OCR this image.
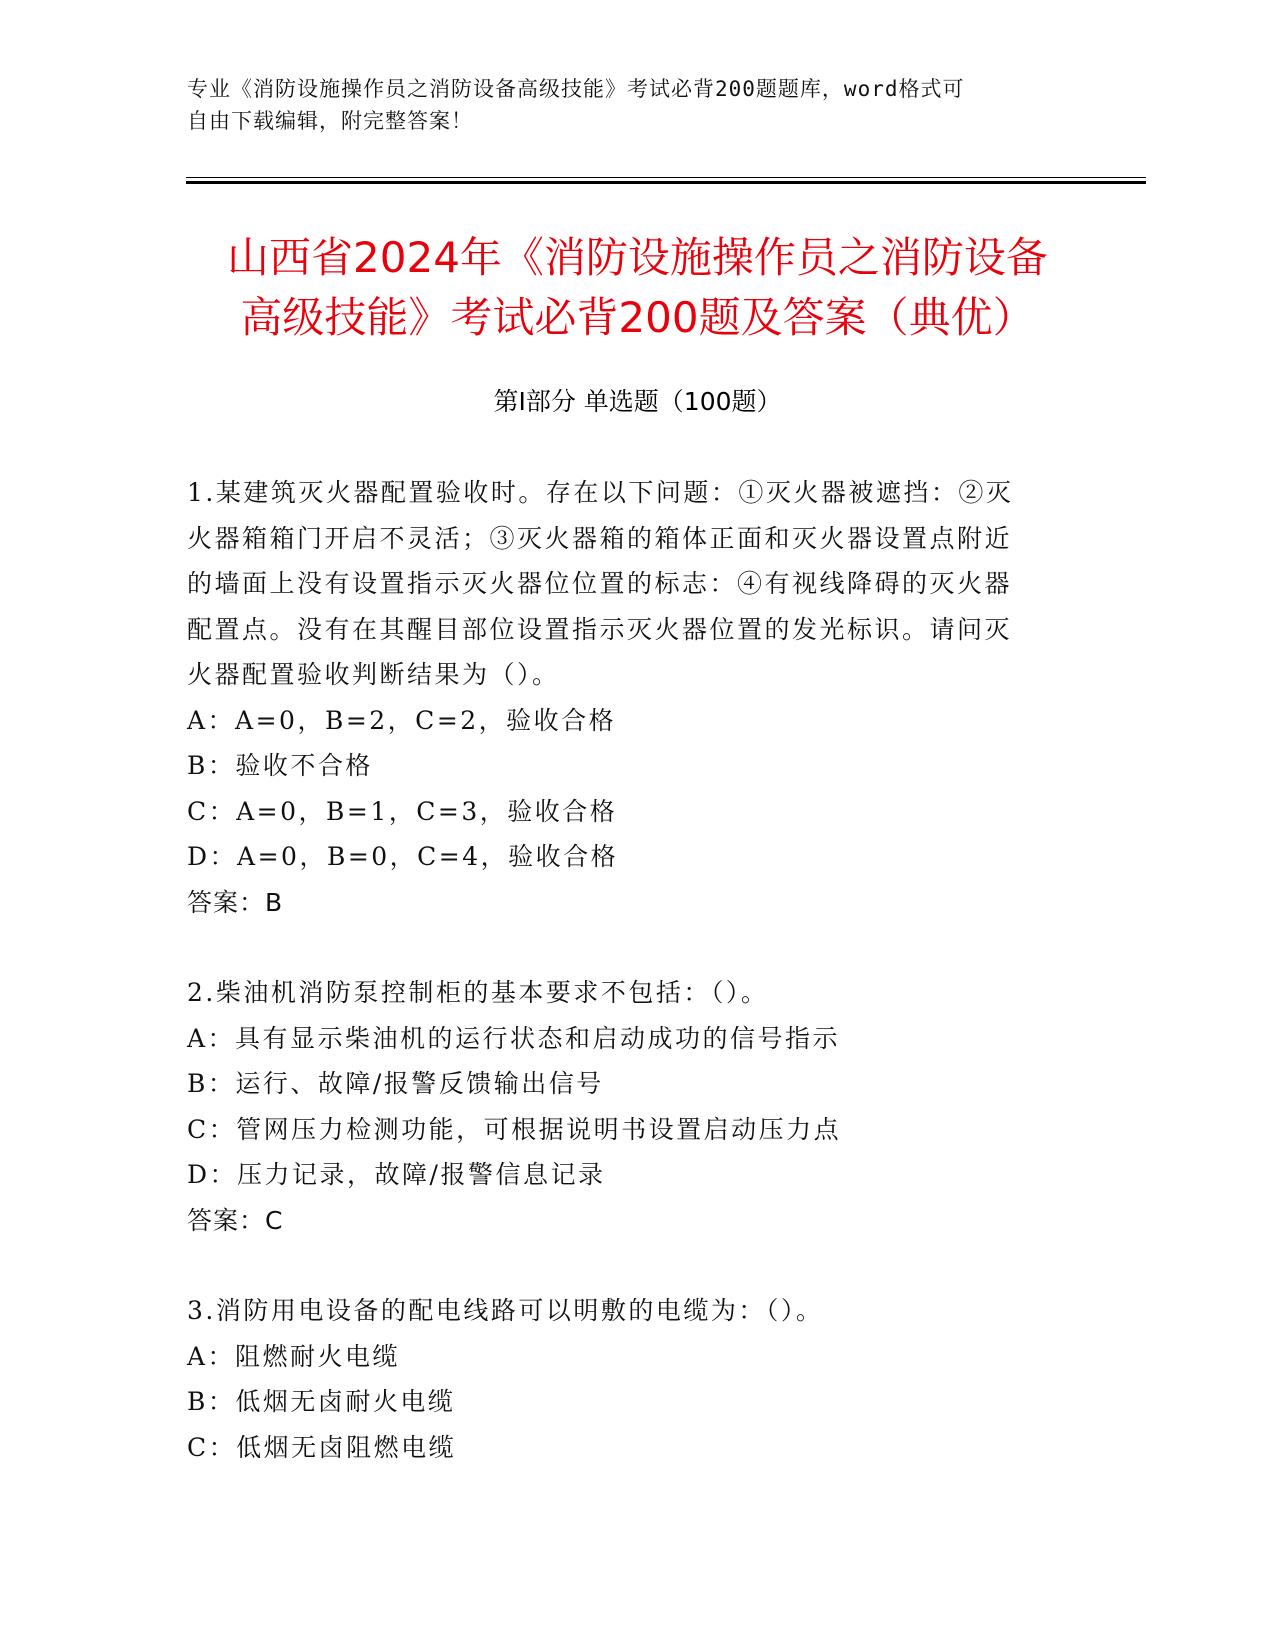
专业《消防设施操作员之消防设备高级技能》考试必背200题题库，word格式可
自由下载编辑，附完整答案！
山西省2024年《消防设施操作员之消防设备
高级技能》考试必背200题及答案（典优）
第I部分 单选题（100题）
1.某建筑灭火器配置验收时。存在以下问题：①灭火器被遮挡：②灭
火器箱箱门开启不灵活；③灭火器箱的箱体正面和灭火器设置点附近
的墙面上没有设置指示灭火器位位置的标志：④有视线降碍的灭火器
配置点。没有在其醒目部位设置指示灭火器位置的发光标识。请问灭
火器配置验收判断结果为（）。
A：A=0，B=2，C=2，验收合格
B：验收不合格
C：A=0，B=1，C=3，验收合格
D：A=0，B=0，C=4，验收合格
答案：B
2.柴油机消防泵控制柜的基本要求不包括：（）。
A：具有显示柴油机的运行状态和启动成功的信号指示
B：运行、故障/报警反馈输出信号
C：管网压力检测功能，可根据说明书设置启动压力点
D：压力记录，故障/报警信息记录
答案：C
3.消防用电设备的配电线路可以明敷的电缆为：（）。
A：阻燃耐火电缆
B：低烟无卤耐火电缆
C：低烟无卤阻燃电缆
